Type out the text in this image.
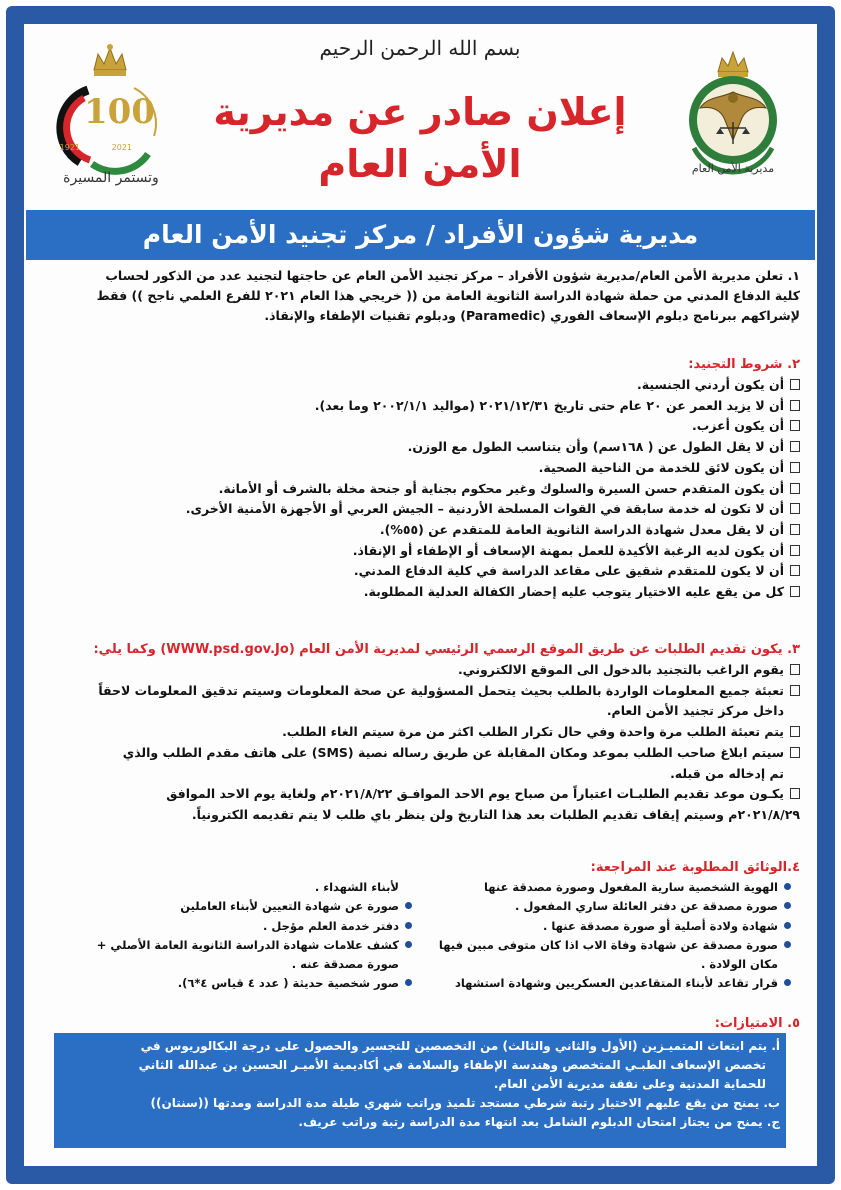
بسم الله الرحمن الرحيم
إعلان صادر عن مديرية
الأمن العام
1921	2021
100
وتستمر المسيرة
مديرية الأمن العام
مديرية شؤون الأفراد / مركز تجنيد الأمن العام

١. تعلن مديرية الأمن العام/مديرية شؤون الأفراد – مركز تجنيد الأمن العام عن حاجتها لتجنيد عدد من الذكور لحساب

كلية الدفاع المدني من حملة شهادة الدراسة الثانوية العامة من (( خريجي هذا العام ٢٠٢١ للفرع العلمي ناجح )) فقط

لإشراكهم ببرنامج دبلوم الإسعاف الفوري (Paramedic) ودبلوم تقنيات الإطفاء والإنقاذ.

٢. شروط التجنيد:
أن يكون أردني الجنسية.
أن لا يزيد العمر عن ٢٠ عام حتى تاريخ ٢٠٢١/١٢/٣١ (مواليد ٢٠٠٢/١/١ وما بعد).
أن يكون أعزب.
أن لا يقل الطول عن ( ١٦٨سم) وأن يتناسب الطول مع الوزن.
أن يكون لائق للخدمة من الناحية الصحية.
أن يكون المتقدم حسن السيرة والسلوك وغير محكوم بجناية أو جنحة مخلة بالشرف أو الأمانة.
أن لا تكون له خدمة سابقة في القوات المسلحة الأردنية – الجيش العربي أو الأجهزة الأمنية الأخرى.
أن لا يقل معدل شهادة الدراسة الثانوية العامة للمتقدم عن (٥٥%).
أن يكون لديه الرغبة الأكيدة للعمل بمهنة الإسعاف أو الإطفاء أو الإنقاذ.
أن لا يكون للمتقدم شقيق على مقاعد الدراسة في كلية الدفاع المدني.
كل من يقع عليه الاختيار يتوجب عليه إحضار الكفالة العدلية المطلوبة.
٣. يكون تقديم الطلبات عن طريق الموقع الرسمي الرئيسي لمديرية الأمن العام (WWW.psd.gov.Jo) وكما يلي:
يقوم الراغب بالتجنيد بالدخول الى الموقع الالكتروني.
تعبئة جميع المعلومات الواردة بالطلب بحيث يتحمل المسؤولية عن صحة المعلومات وسيتم تدقيق المعلومات لاحقاً
داخل مركز تجنيد الأمن العام.
يتم تعبئة الطلب مرة واحدة وفي حال تكرار الطلب اكثر من مرة سيتم الغاء الطلب.
سيتم ابلاغ صاحب الطلب بموعد ومكان المقابلة عن طريق رساله نصية (SMS) على هاتف مقدم الطلب والذي
تم إدخاله من قبله.
يكـون موعد تقديم الطلبـات اعتباراً من صباح يوم الاحد الموافـق ٢٠٢١/٨/٢٢م ولغاية يوم الاحد الموافق
٢٠٢١/٨/٢٩م وسيتم إيقاف تقديم الطلبات بعد هذا التاريخ ولن ينظر باي طلب لا يتم تقديمه الكترونياً.
٤.الوثائق المطلوبة عند المراجعة:
الهوية الشخصية سارية المفعول وصورة مصدقة عنها
صورة مصدقة عن دفتر العائلة ساري المفعول .
شهادة ولادة أصلية أو صورة مصدقة عنها .
صورة مصدقة عن شهادة وفاة الاب اذا كان متوفى مبين فيها
مكان الولادة .
قرار تقاعد لأبناء المتقاعدين العسكريين وشهادة استشهاد
لأبناء الشهداء .
صورة عن شهادة التعيين لأبناء العاملين
دفتر خدمة العلم مؤجل .
كشف علامات شهادة الدراسة الثانوية العامة الأصلي +
صورة مصدقة عنه .
صور شخصية حديثة ( عدد ٤ قياس ٤*٦).
٥. الامتيازات:
أ. يتم ابتعاث المتميـزين (الأول والثاني والثالث) من التخصصين للتجسير والحصول على درجة البكالوريوس في
تخصص الإسعاف الطبـي المتخصص وهندسة الإطفاء والسلامة في أكاديمية الأميـر الحسين بن عبدالله الثاني
للحماية المدنية وعلى نفقة مديرية الأمن العام.
ب. يمنح من يقع عليهم الاختيار رتبة شرطي مستجد تلميذ وراتب شهري طيلة مدة الدراسة ومدتها ((سنتان))
ج. يمنح من يجتاز امتحان الدبلوم الشامل بعد انتهاء مدة الدراسة رتبة وراتب عريف.
